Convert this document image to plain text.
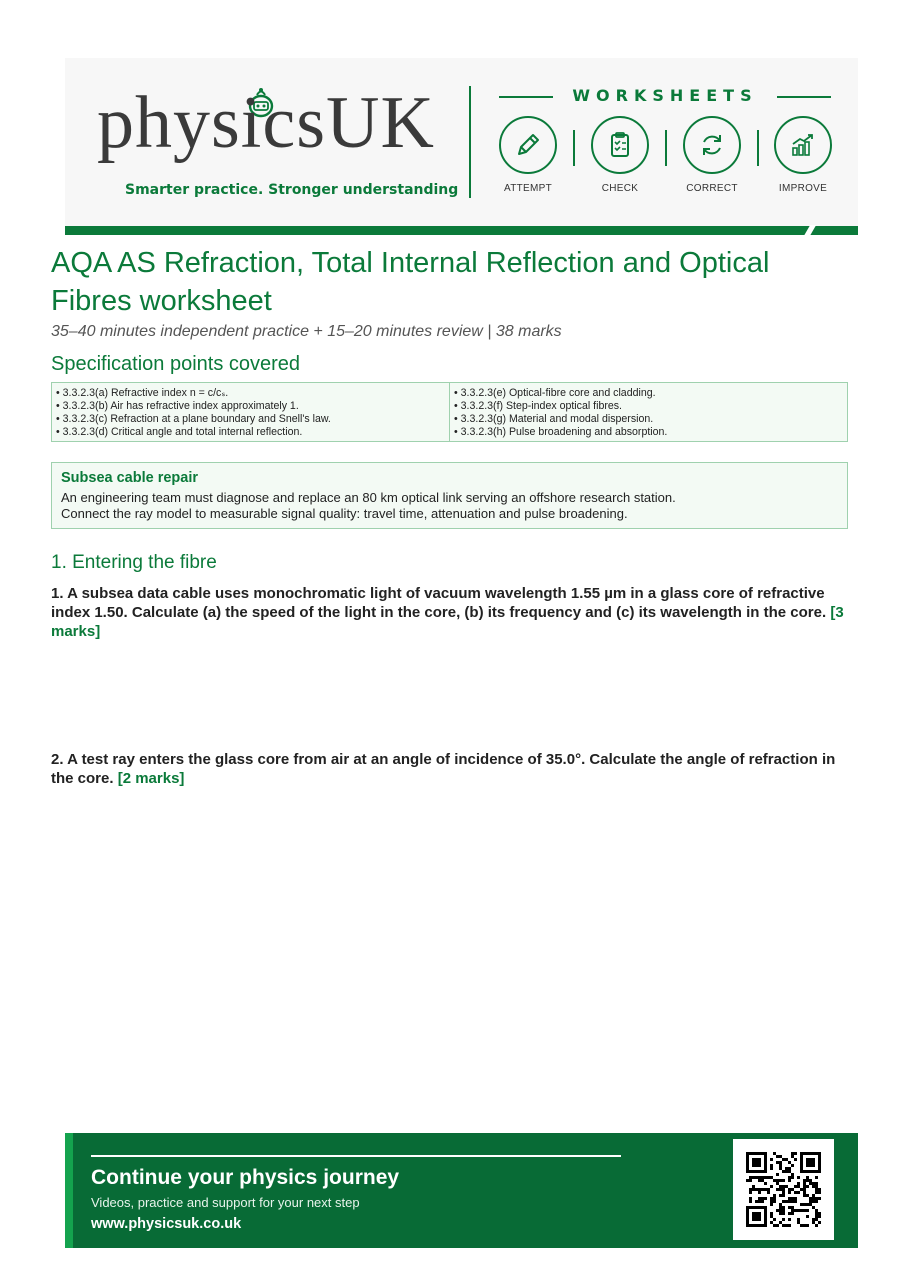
physicsUK
Smarter practice. Stronger understanding
WORKSHEETS
ATTEMPT	CHECK	CORRECT	IMPROVE
AQA AS Refraction, Total Internal Reflection and Optical Fibres worksheet
35–40 minutes independent practice + 15–20 minutes review | 38 marks
Specification points covered
• 3.3.2.3(a) Refractive index n = c/cₛ.
• 3.3.2.3(b) Air has refractive index approximately 1.
• 3.3.2.3(c) Refraction at a plane boundary and Snell's law.
• 3.3.2.3(d) Critical angle and total internal reflection.
• 3.3.2.3(e) Optical-fibre core and cladding.
• 3.3.2.3(f) Step-index optical fibres.
• 3.3.2.3(g) Material and modal dispersion.
• 3.3.2.3(h) Pulse broadening and absorption.
Subsea cable repair
An engineering team must diagnose and replace an 80 km optical link serving an offshore research station.
Connect the ray model to measurable signal quality: travel time, attenuation and pulse broadening.
1. Entering the fibre
1. A subsea data cable uses monochromatic light of vacuum wavelength 1.55 µm in a glass core of refractive index 1.50. Calculate (a) the speed of the light in the core, (b) its frequency and (c) its wavelength in the core. [3 marks]
2. A test ray enters the glass core from air at an angle of incidence of 35.0°. Calculate the angle of refraction in the core. [2 marks]
Continue your physics journey
Videos, practice and support for your next step
www.physicsuk.co.uk
